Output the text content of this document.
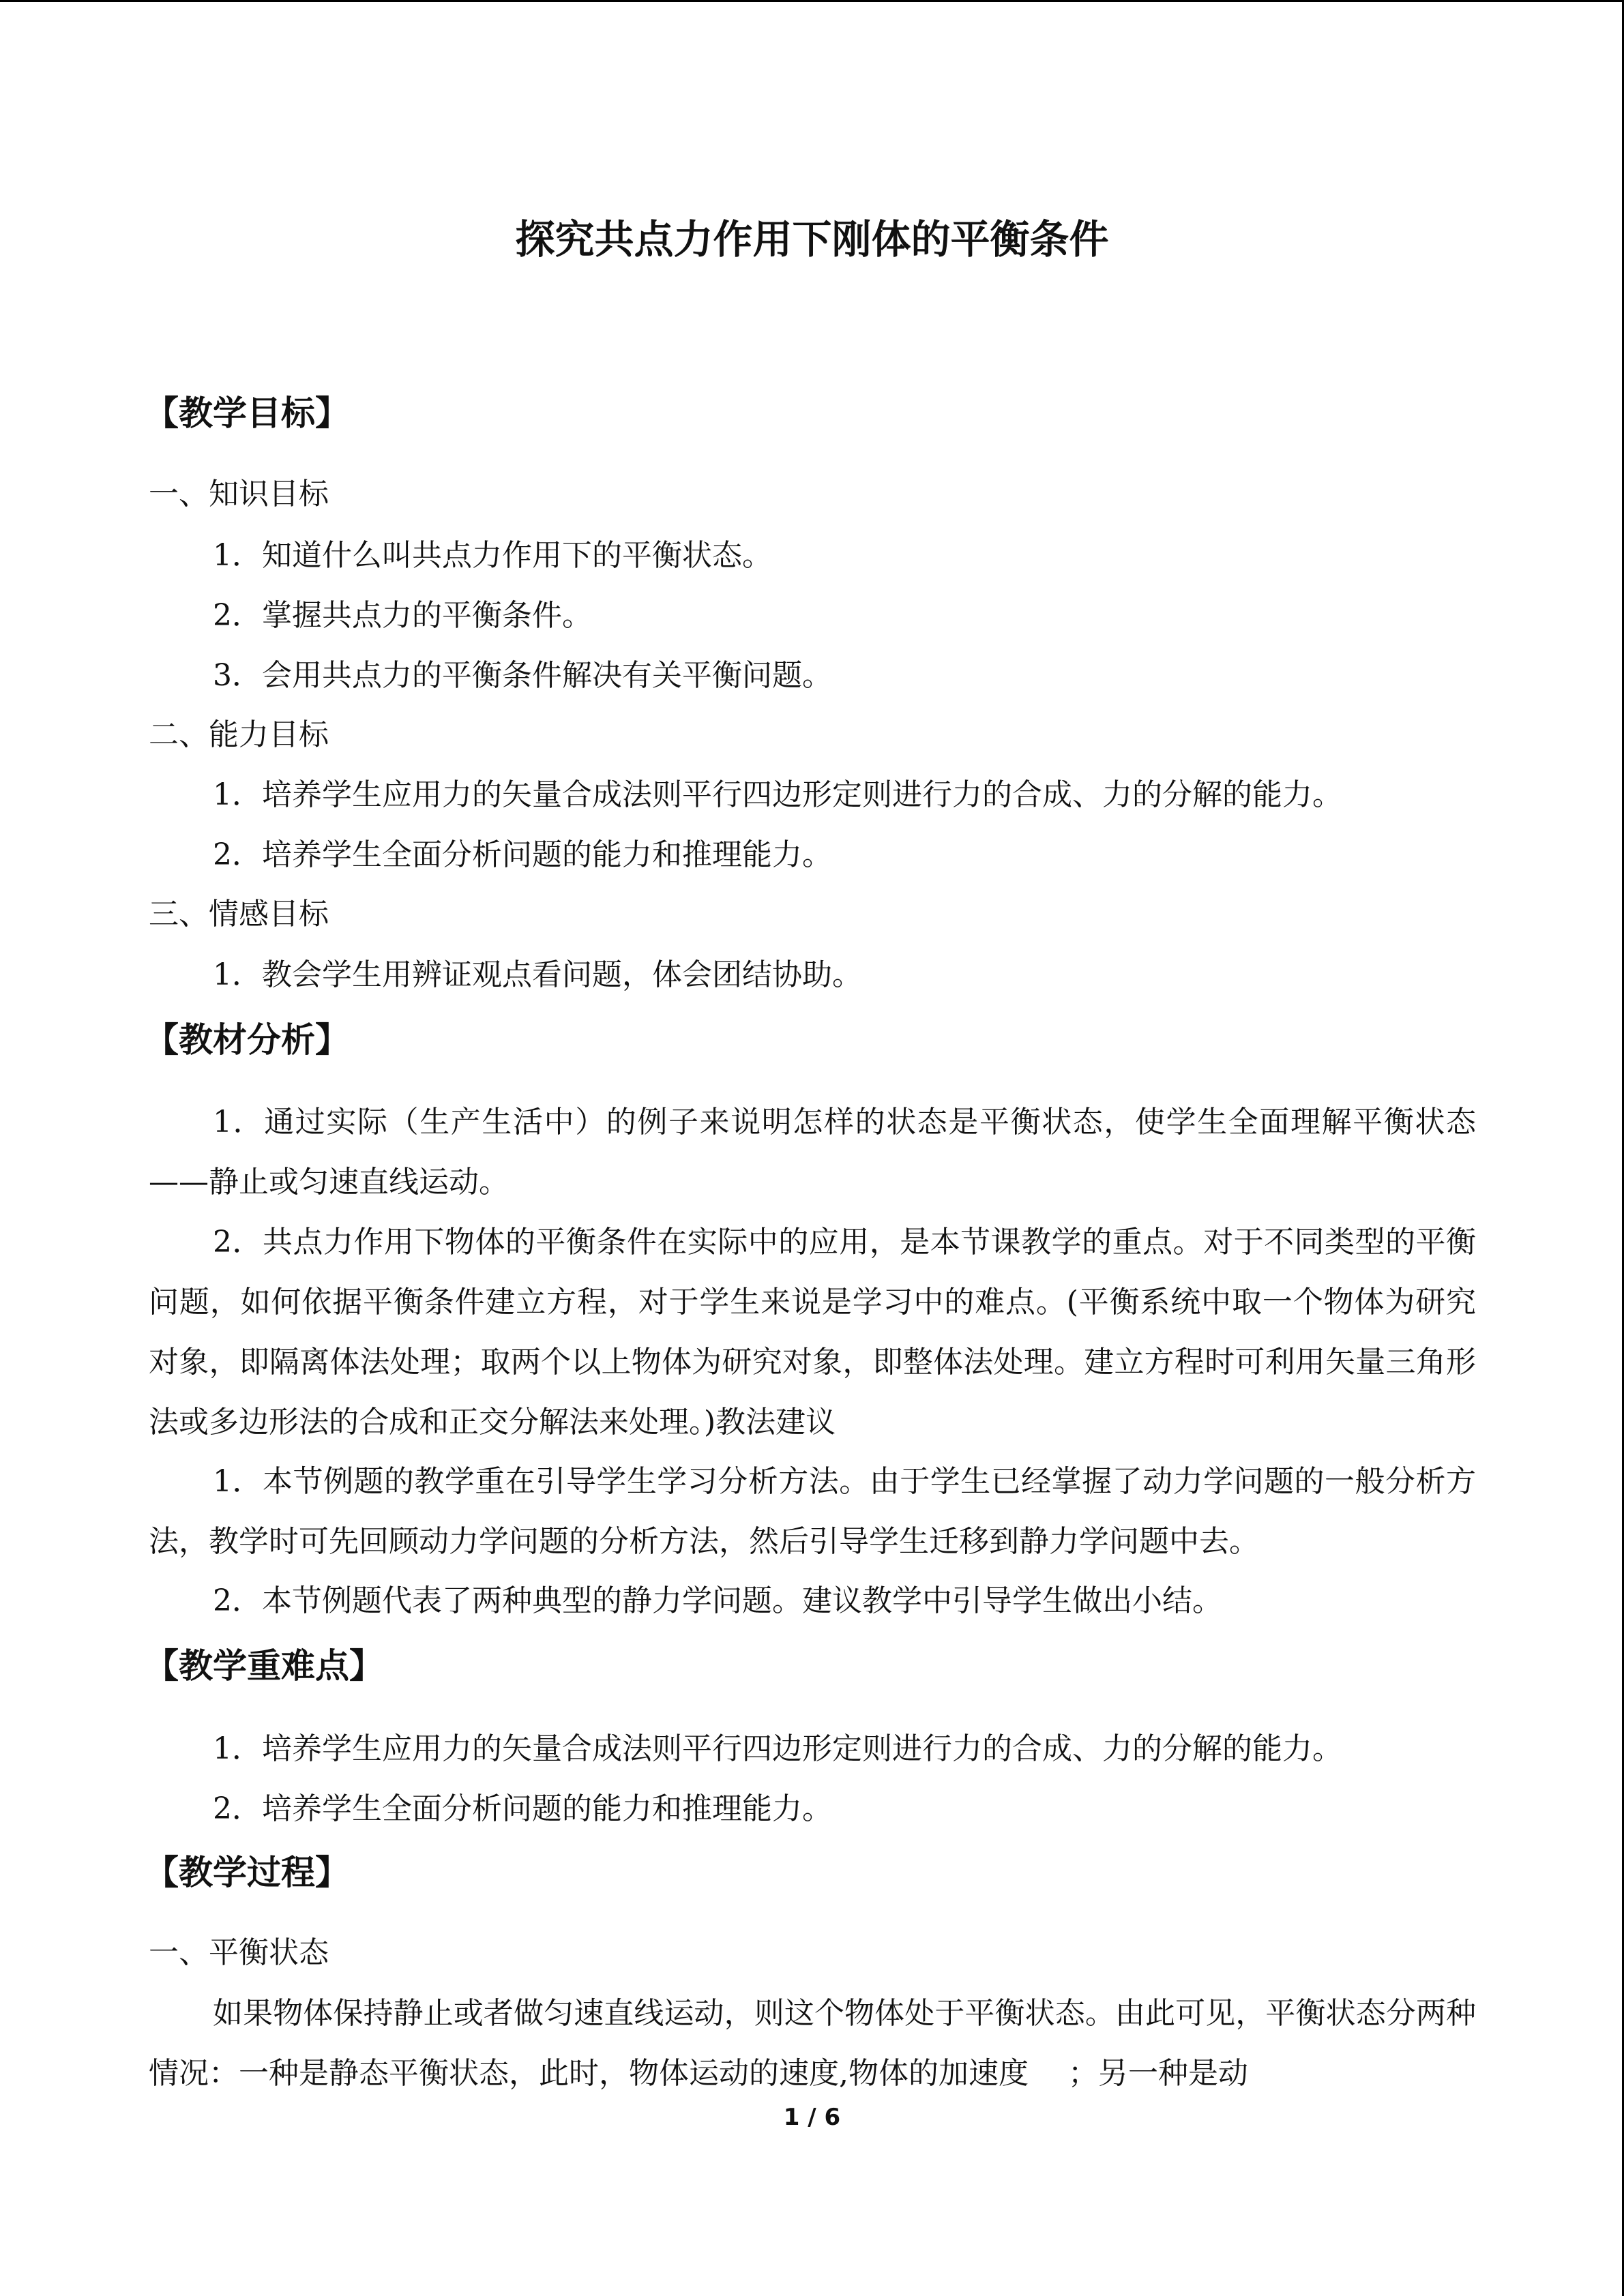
探究共点力作用下刚体的平衡条件
【教学目标】
一、知识目标
1．知道什么叫共点力作用下的平衡状态。
2．掌握共点力的平衡条件。
3．会用共点力的平衡条件解决有关平衡问题。
二、能力目标
1．培养学生应用力的矢量合成法则平行四边形定则进行力的合成、力的分解的能力。
2．培养学生全面分析问题的能力和推理能力。
三、情感目标
1．教会学生用辨证观点看问题，体会团结协助。
【教材分析】
1．通过实际（生产生活中）的例子来说明怎样的状态是平衡状态，使学生全面理解平衡状态——静止或匀速直线运动。
2．共点力作用下物体的平衡条件在实际中的应用，是本节课教学的重点。对于不同类型的平衡问题，如何依据平衡条件建立方程，对于学生来说是学习中的难点。(平衡系统中取一个物体为研究对象，即隔离体法处理；取两个以上物体为研究对象，即整体法处理。建立方程时可利用矢量三角形法或多边形法的合成和正交分解法来处理。)教法建议
1．本节例题的教学重在引导学生学习分析方法。由于学生已经掌握了动力学问题的一般分析方法，教学时可先回顾动力学问题的分析方法，然后引导学生迁移到静力学问题中去。
2．本节例题代表了两种典型的静力学问题。建议教学中引导学生做出小结。
【教学重难点】
1．培养学生应用力的矢量合成法则平行四边形定则进行力的合成、力的分解的能力。
2．培养学生全面分析问题的能力和推理能力。
【教学过程】
一、平衡状态
如果物体保持静止或者做匀速直线运动，则这个物体处于平衡状态。由此可见，平衡状态分两种情况：一种是静态平衡状态，此时，物体运动的速度,物体的加速度　 ；另一种是动
1 / 6
